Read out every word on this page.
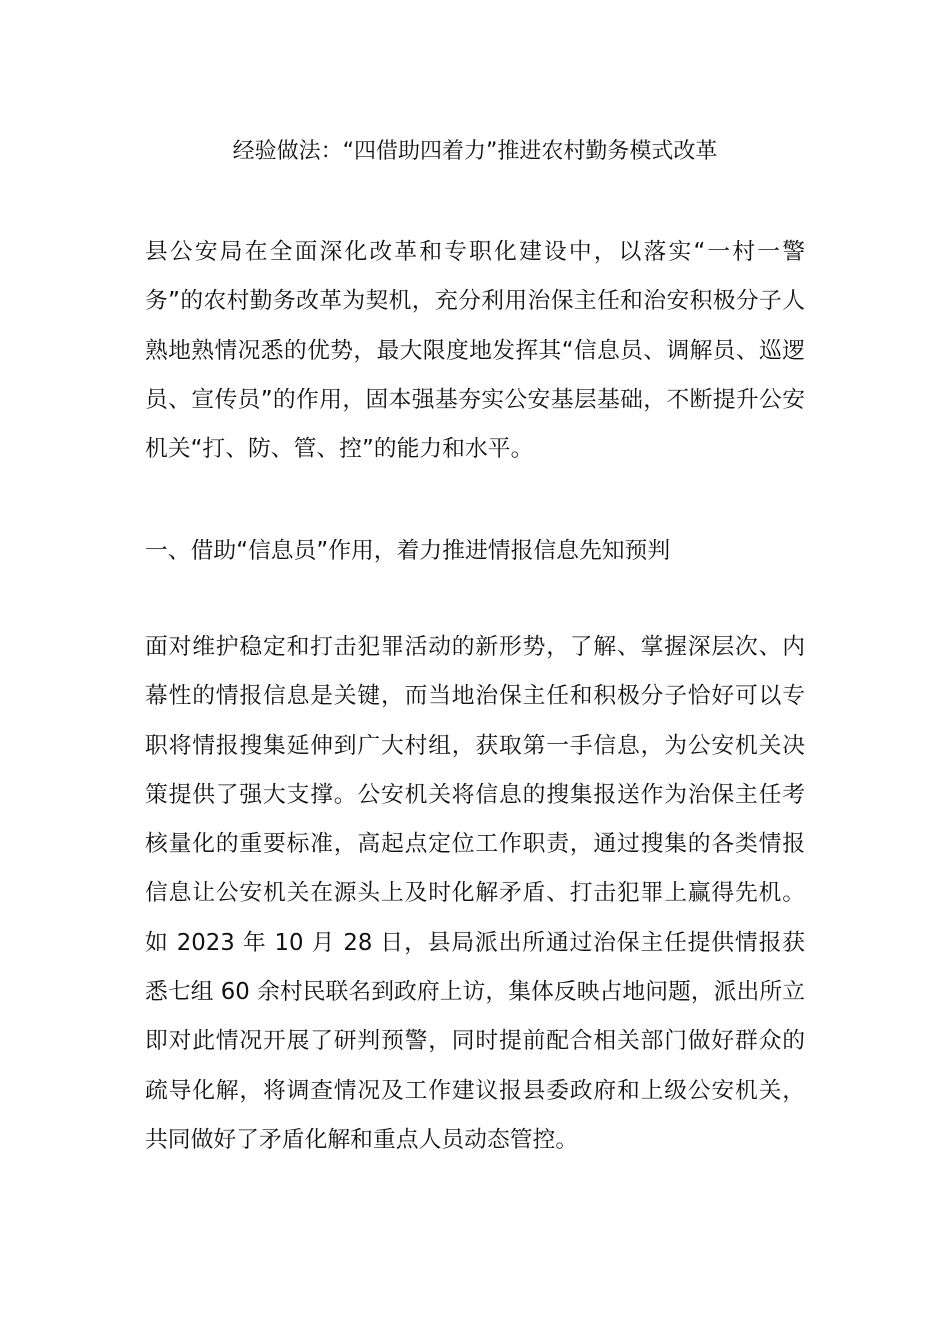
经验做法：“四借助四着力”推进农村勤务模式改革

县公安局在全面深化改革和专职化建设中，以落实“一村一警务”的农村勤务改革为契机，充分利用治保主任和治安积极分子人熟地熟情况悉的优势，最大限度地发挥其“信息员、调解员、巡逻员、宣传员”的作用，固本强基夯实公安基层基础，不断提升公安机关“打、防、管、控”的能力和水平。

一、借助“信息员”作用，着力推进情报信息先知预判

面对维护稳定和打击犯罪活动的新形势，了解、掌握深层次、内幕性的情报信息是关键，而当地治保主任和积极分子恰好可以专职将情报搜集延伸到广大村组，获取第一手信息，为公安机关决策提供了强大支撑。公安机关将信息的搜集报送作为治保主任考核量化的重要标准，高起点定位工作职责，通过搜集的各类情报信息让公安机关在源头上及时化解矛盾、打击犯罪上赢得先机。如 2023 年 10 月 28 日，县局派出所通过治保主任提供情报获悉七组 60 余村民联名到政府上访，集体反映占地问题，派出所立即对此情况开展了研判预警，同时提前配合相关部门做好群众的疏导化解，将调查情况及工作建议报县委政府和上级公安机关，共同做好了矛盾化解和重点人员动态管控。
